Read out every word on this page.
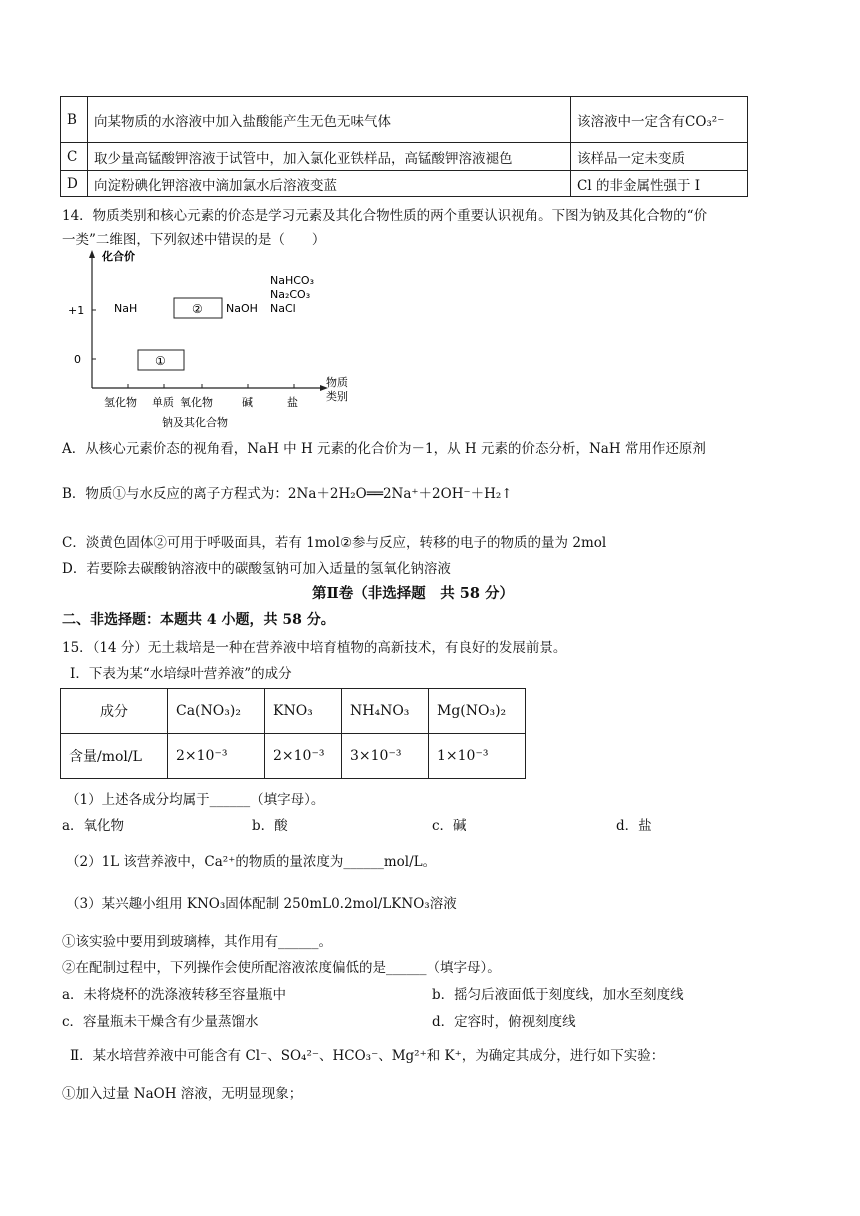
B	向某物质的水溶液中加入盐酸能产生无色无味气体	该溶液中一定含有CO₃²⁻
C	取少量高锰酸钾溶液于试管中，加入氯化亚铁样品，高锰酸钾溶液褪色	该样品一定未变质
D	向淀粉碘化钾溶液中滴加氯水后溶液变蓝	Cl 的非金属性强于 I
14．物质类别和核心元素的价态是学习元素及其化合物性质的两个重要认识视角。下图为钠及其化合物的“价
一类”二维图，下列叙述中错误的是（　　）
化合价
物质
类别
+1
0
氢化物 单质 氧化物	碱	盐
钠及其化合物
NaH	② NaOH
①
NaHCO₃
Na₂CO₃
NaCl
A．从核心元素价态的视角看，NaH 中 H 元素的化合价为－1，从 H 元素的价态分析，NaH 常用作还原剂
B．物质①与水反应的离子方程式为：2Na＋2H₂O══2Na⁺＋2OH⁻＋H₂↑
C．淡黄色固体②可用于呼吸面具，若有 1mol②参与反应，转移的电子的物质的量为 2mol
D．若要除去碳酸钠溶液中的碳酸氢钠可加入适量的氢氧化钠溶液
第Ⅱ卷（非选择题　共 58 分）
二、非选择题：本题共 4 小题，共 58 分。
15．（14 分）无土栽培是一种在营养液中培育植物的高新技术，有良好的发展前景。
Ⅰ．下表为某“水培绿叶营养液”的成分
成分	Ca(NO₃)₂	KNO₃	NH₄NO₃	Mg(NO₃)₂
含量/mol/L	2×10⁻³	2×10⁻³	3×10⁻³	1×10⁻³
（1）上述各成分均属于______（填字母）。
a．氧化物	b．酸	c．碱	d．盐
（2）1L 该营养液中，Ca²⁺的物质的量浓度为______mol/L。
（3）某兴趣小组用 KNO₃固体配制 250mL0.2mol/LKNO₃溶液
①该实验中要用到玻璃棒，其作用有______。
②在配制过程中，下列操作会使所配溶液浓度偏低的是______（填字母）。
a．未将烧杯的洗涤液转移至容量瓶中	b．摇匀后液面低于刻度线，加水至刻度线
c．容量瓶未干燥含有少量蒸馏水	d．定容时，俯视刻度线
Ⅱ．某水培营养液中可能含有 Cl⁻、SO₄²⁻、HCO₃⁻、Mg²⁺和 K⁺，为确定其成分，进行如下实验：
①加入过量 NaOH 溶液，无明显现象；
